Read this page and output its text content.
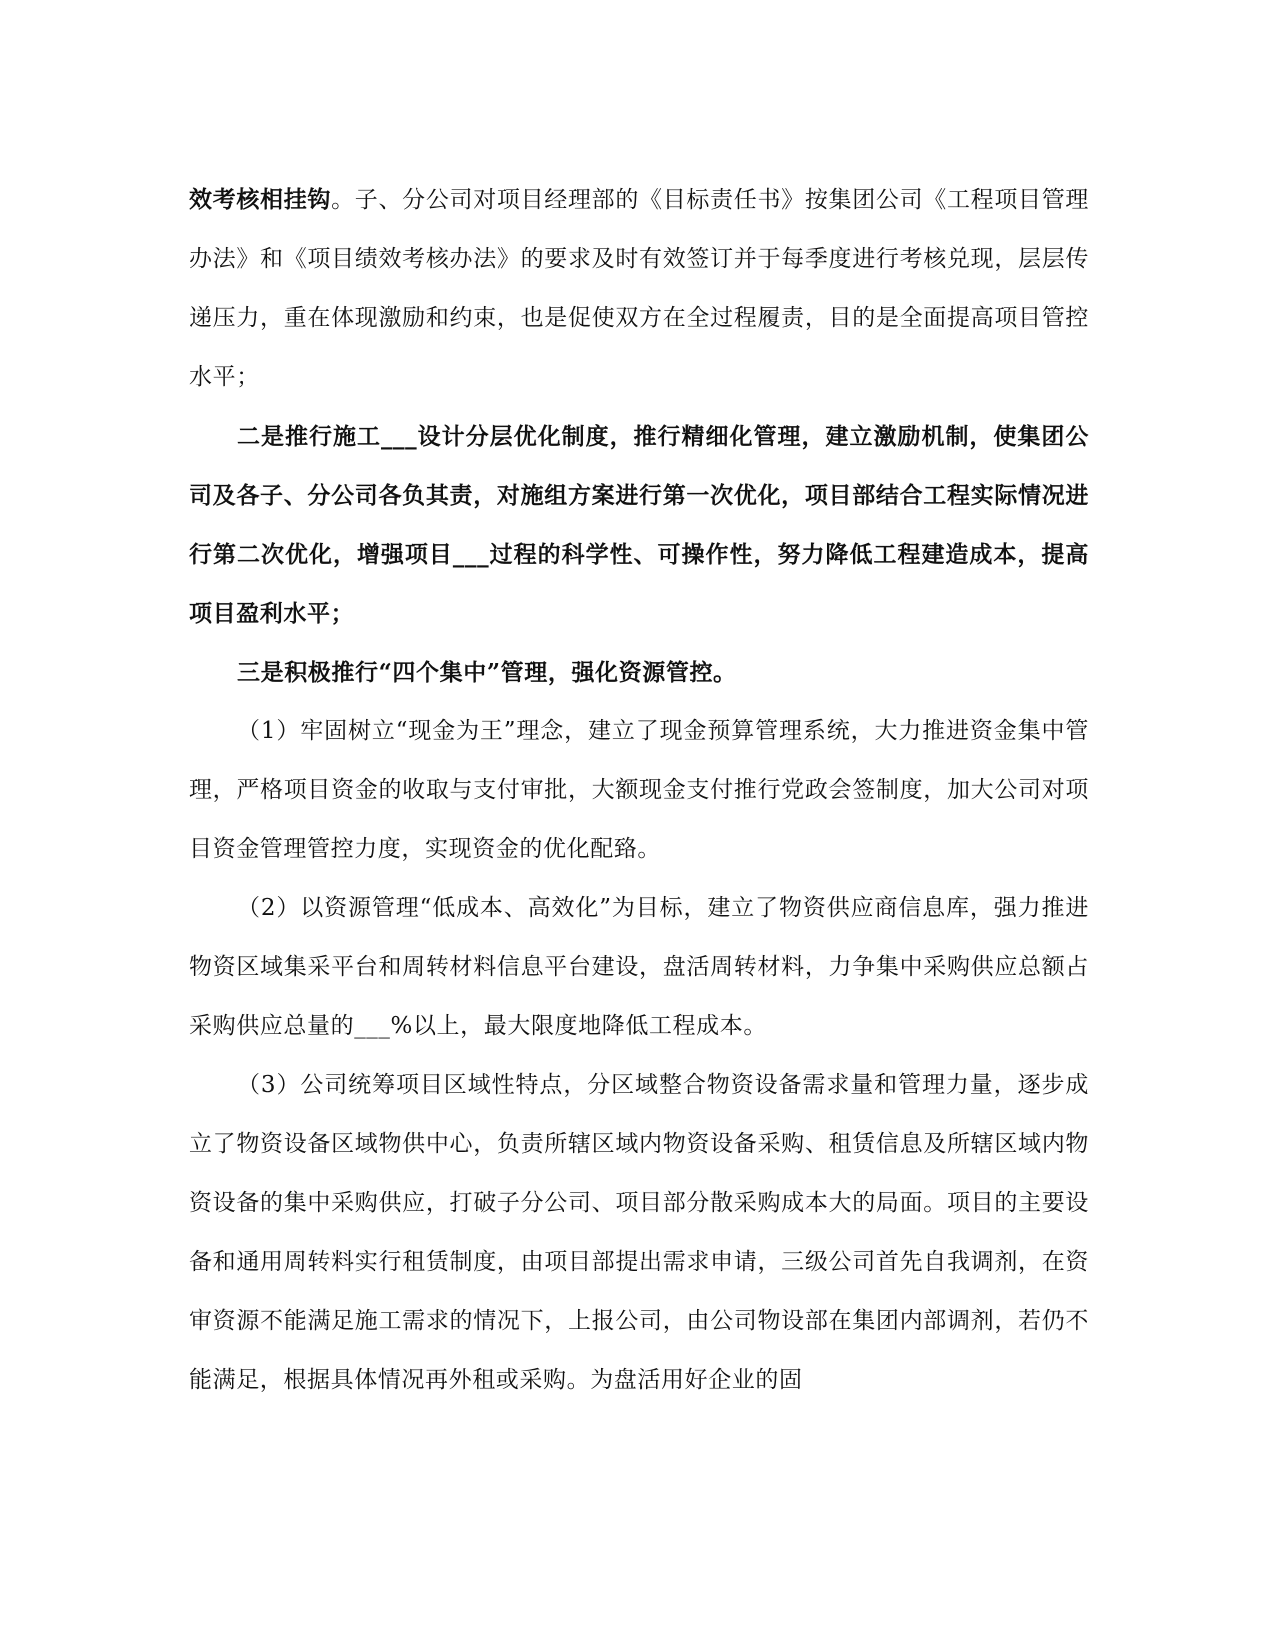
效考核相挂钩。子、分公司对项目经理部的《目标责任书》按集团公司《工程项目管理办法》和《项目绩效考核办法》的要求及时有效签订并于每季度进行考核兑现，层层传递压力，重在体现激励和约束，也是促使双方在全过程履责，目的是全面提高项目管控水平；

二是推行施工___设计分层优化制度，推行精细化管理，建立激励机制，使集团公司及各子、分公司各负其责，对施组方案进行第一次优化，项目部结合工程实际情况进行第二次优化，增强项目___过程的科学性、可操作性，努力降低工程建造成本，提高项目盈利水平；

三是积极推行“四个集中”管理，强化资源管控。

（1）牢固树立“现金为王”理念，建立了现金预算管理系统，大力推进资金集中管理，严格项目资金的收取与支付审批，大额现金支付推行党政会签制度，加大公司对项目资金管理管控力度，实现资金的优化配臵。

（2）以资源管理“低成本、高效化”为目标，建立了物资供应商信息库，强力推进物资区域集采平台和周转材料信息平台建设，盘活周转材料，力争集中采购供应总额占采购供应总量的___%以上，最大限度地降低工程成本。

（3）公司统筹项目区域性特点，分区域整合物资设备需求量和管理力量，逐步成立了物资设备区域物供中心，负责所辖区域内物资设备采购、租赁信息及所辖区域内物资设备的集中采购供应，打破子分公司、项目部分散采购成本大的局面。项目的主要设备和通用周转料实行租赁制度，由项目部提出需求申请，三级公司首先自我调剂，在资审资源不能满足施工需求的情况下，上报公司，由公司物设部在集团内部调剂，若仍不能满足，根据具体情况再外租或采购。为盘活用好企业的固
